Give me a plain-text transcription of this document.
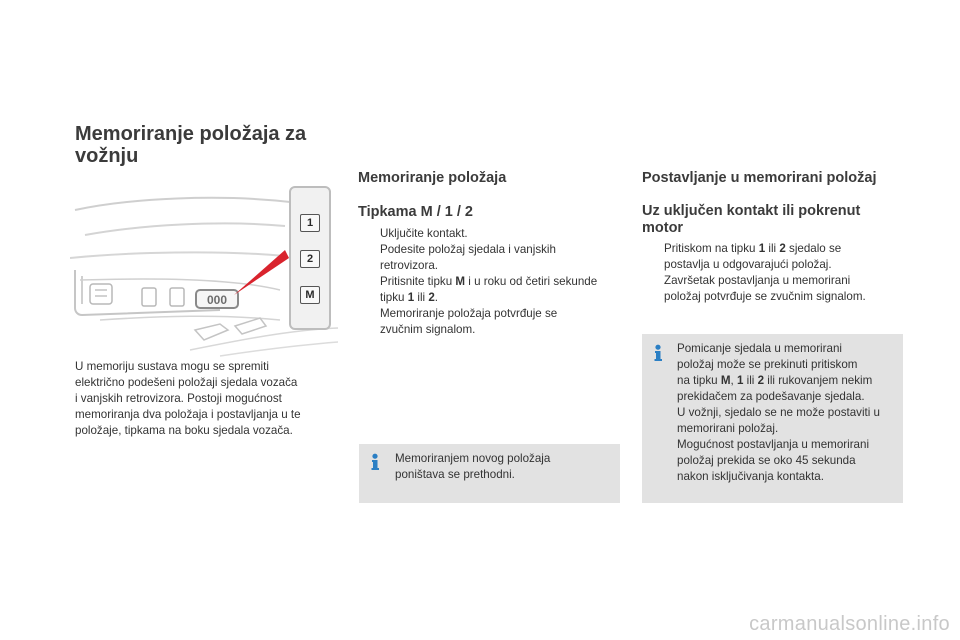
Memoriranje položaja za
vožnju
000
1
2
M
U memoriju sustava mogu se spremiti
električno podešeni položaji sjedala vozača
i vanjskih retrovizora. Postoji mogućnost
memoriranja dva položaja i postavljanja u te
položaje, tipkama na boku sjedala vozača.
Memoriranje položaja
Tipkama M / 1 / 2
Uključite kontakt.
Podesite položaj sjedala i vanjskih
retrovizora.
Pritisnite tipku M i u roku od četiri sekunde
tipku 1 ili 2.
Memoriranje položaja potvrđuje se
zvučnim signalom.
Memoriranjem novog položaja
poništava se prethodni.
Postavljanje u memorirani položaj
Uz uključen kontakt ili pokrenut
motor
Pritiskom na tipku 1 ili 2 sjedalo se
postavlja u odgovarajući položaj.
Završetak postavljanja u memorirani
položaj potvrđuje se zvučnim signalom.
Pomicanje sjedala u memorirani
položaj može se prekinuti pritiskom
na tipku M, 1 ili 2 ili rukovanjem nekim
prekidačem za podešavanje sjedala.
U vožnji, sjedalo se ne može postaviti u
memorirani položaj.
Mogućnost postavljanja u memorirani
položaj prekida se oko 45 sekunda
nakon isključivanja kontakta.
carmanualsonline.info
